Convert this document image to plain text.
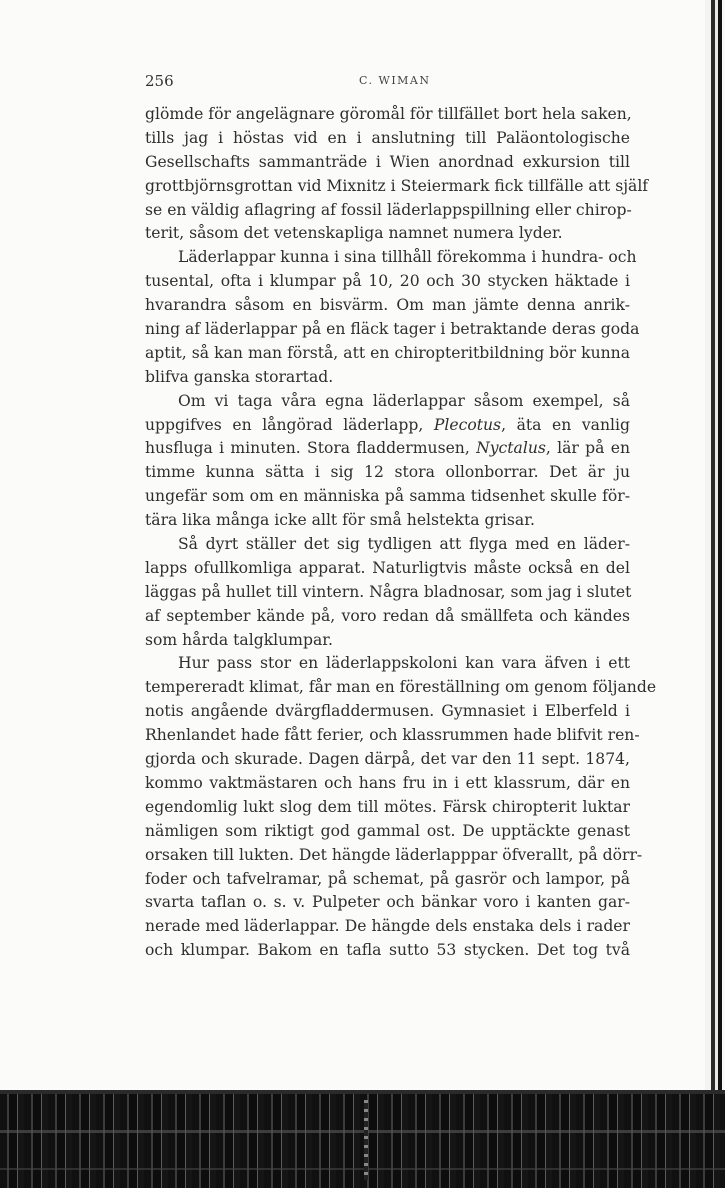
256	C. WIMAN
glömde för angelägnare göromål för tillfället bort hela saken,
tills jag i höstas vid en i anslutning till Paläontologische
Gesellschafts sammanträde i Wien anordnad exkursion till
grottbjörnsgrottan vid Mixnitz i Steiermark fick tillfälle att själf
se en väldig aflagring af fossil läderlappspillning eller chirop-
terit, såsom det vetenskapliga namnet numera lyder.
Läderlappar kunna i sina tillhåll förekomma i hundra- och
tusental, ofta i klumpar på 10, 20 och 30 stycken häktade i
hvarandra såsom en bisvärm. Om man jämte denna anrik-
ning af läderlappar på en fläck tager i betraktande deras goda
aptit, så kan man förstå, att en chiropteritbildning bör kunna
blifva ganska storartad.
Om vi taga våra egna läderlappar såsom exempel, så
uppgifves en långörad läderlapp, Plecotus, äta en vanlig
husfluga i minuten. Stora fladdermusen, Nyctalus, lär på en
timme kunna sätta i sig 12 stora ollonborrar. Det är ju
ungefär som om en människa på samma tidsenhet skulle för-
tära lika många icke allt för små helstekta grisar.
Så dyrt ställer det sig tydligen att flyga med en läder-
lapps ofullkomliga apparat. Naturligtvis måste också en del
läggas på hullet till vintern. Några bladnosar, som jag i slutet
af september kände på, voro redan då smällfeta och kändes
som hårda talgklumpar.
Hur pass stor en läderlappskoloni kan vara äfven i ett
tempereradt klimat, får man en föreställning om genom följande
notis angående dvärgfladdermusen. Gymnasiet i Elberfeld i
Rhenlandet hade fått ferier, och klassrummen hade blifvit ren-
gjorda och skurade. Dagen därpå, det var den 11 sept. 1874,
kommo vaktmästaren och hans fru in i ett klassrum, där en
egendomlig lukt slog dem till mötes. Färsk chiropterit luktar
nämligen som riktigt god gammal ost. De upptäckte genast
orsaken till lukten. Det hängde läderlapppar öfverallt, på dörr-
foder och tafvelramar, på schemat, på gasrör och lampor, på
svarta taflan o. s. v. Pulpeter och bänkar voro i kanten gar-
nerade med läderlappar. De hängde dels enstaka dels i rader
och klumpar. Bakom en tafla sutto 53 stycken. Det tog två
